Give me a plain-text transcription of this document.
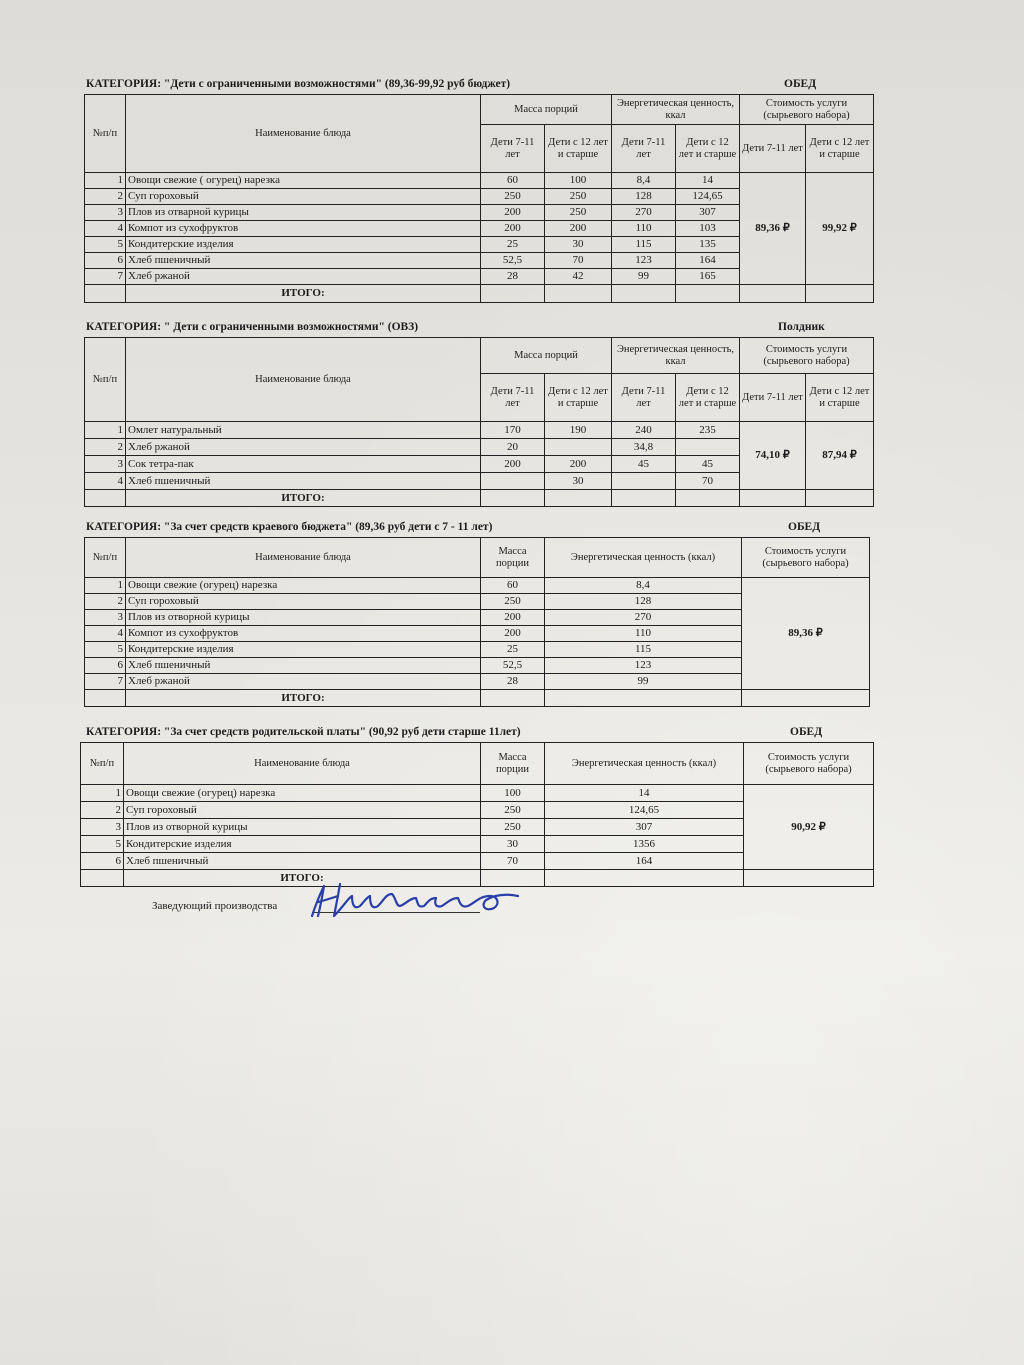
КАТЕГОРИЯ: "Дети с ограниченными возможностями" (89,36-99,92 руб бюджет)	ОБЕД
№п/п	Наименование блюда	Масса порций		Энергетическая ценность, ккал		Стоимость услуги (сырьевого набора)	
		Дети 7-11 лет	Дети с 12 лет и старше	Дети 7-11 лет	Дети с 12 лет и старше	Дети 7-11 лет	Дети с 12 лет и старше
1	Овощи свежие ( огурец) нарезка	60	100	8,4	14	89,36 ₽	99,92 ₽
2	Суп гороховый	250	250	128	124,65		
3	Плов из отварной курицы	200	250	270	307		
4	Компот из сухофруктов	200	200	110	103		
5	Кондитерские изделия	25	30	115	135		
6	Хлеб пшеничный	52,5	70	123	164		
7	Хлеб ржаной	28	42	99	165		
	ИТОГО:						
КАТЕГОРИЯ: " Дети с ограниченными возможностями" (ОВЗ)	Полдник
№п/п	Наименование блюда	Масса порций		Энергетическая ценность, ккал		Стоимость услуги (сырьевого набора)	
		Дети 7-11 лет	Дети с 12 лет и старше	Дети 7-11 лет	Дети с 12 лет и старше	Дети 7-11 лет	Дети с 12 лет и старше
1	Омлет натуральный	170	190	240	235	74,10 ₽	87,94 ₽
2	Хлеб ржаной	20		34,8			
3	Сок тетра-пак	200	200	45	45		
4	Хлеб пшеничный		30		70		
	ИТОГО:						
КАТЕГОРИЯ: "За счет средств краевого бюджета" (89,36 руб дети с 7 - 11 лет)	ОБЕД
№п/п	Наименование блюда	Масса порции	Энергетическая ценность (ккал)	Стоимость услуги (сырьевого набора)
1	Овощи свежие (огурец) нарезка	60	8,4	89,36 ₽
2	Суп гороховый	250	128	
3	Плов из отворной курицы	200	270	
4	Компот из сухофруктов	200	110	
5	Кондитерские изделия	25	115	
6	Хлеб пшеничный	52,5	123	
7	Хлеб ржаной	28	99	
	ИТОГО:			
КАТЕГОРИЯ: "За счет средств родительской платы" (90,92 руб дети старше 11лет)	ОБЕД
№п/п	Наименование блюда	Масса порции	Энергетическая ценность (ккал)	Стоимость услуги (сырьевого набора)
1	Овощи свежие (огурец) нарезка	100	14	90,92 ₽
2	Суп гороховый	250	124,65	
3	Плов из отворной курицы	250	307	
5	Кондитерские изделия	30	1356	
6	Хлеб пшеничный	70	164	
	ИТОГО:			
Заведующий производства
